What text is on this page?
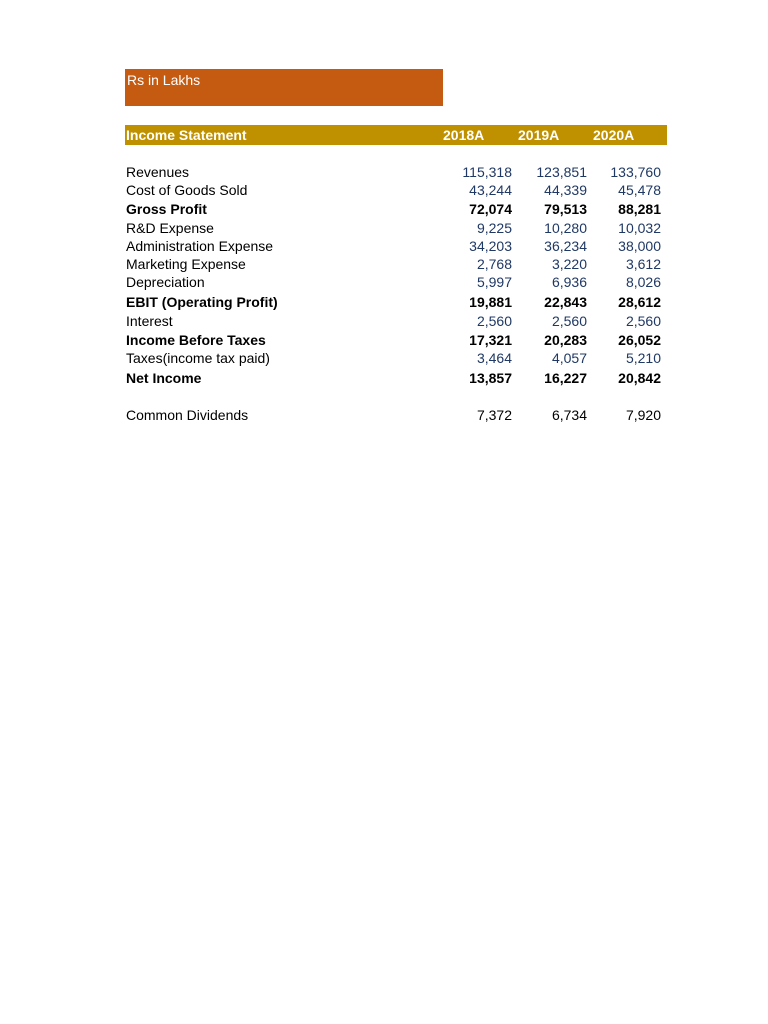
Rs in Lakhs
Income Statement	2018A 2019A 2020A
Revenues	115,318	123,851	133,760
Cost of Goods Sold	43,244	44,339	45,478
Gross Profit	72,074	79,513	88,281
R&D Expense	9,225	10,280	10,032
Administration Expense	34,203	36,234	38,000
Marketing Expense	2,768	3,220	3,612
Depreciation	5,997	6,936	8,026
EBIT (Operating Profit)	19,881	22,843	28,612
Interest	2,560	2,560	2,560
Income Before Taxes	17,321	20,283	26,052
Taxes(income tax paid)	3,464	4,057	5,210
Net Income	13,857	16,227	20,842
Common Dividends	7,372	6,734	7,920
